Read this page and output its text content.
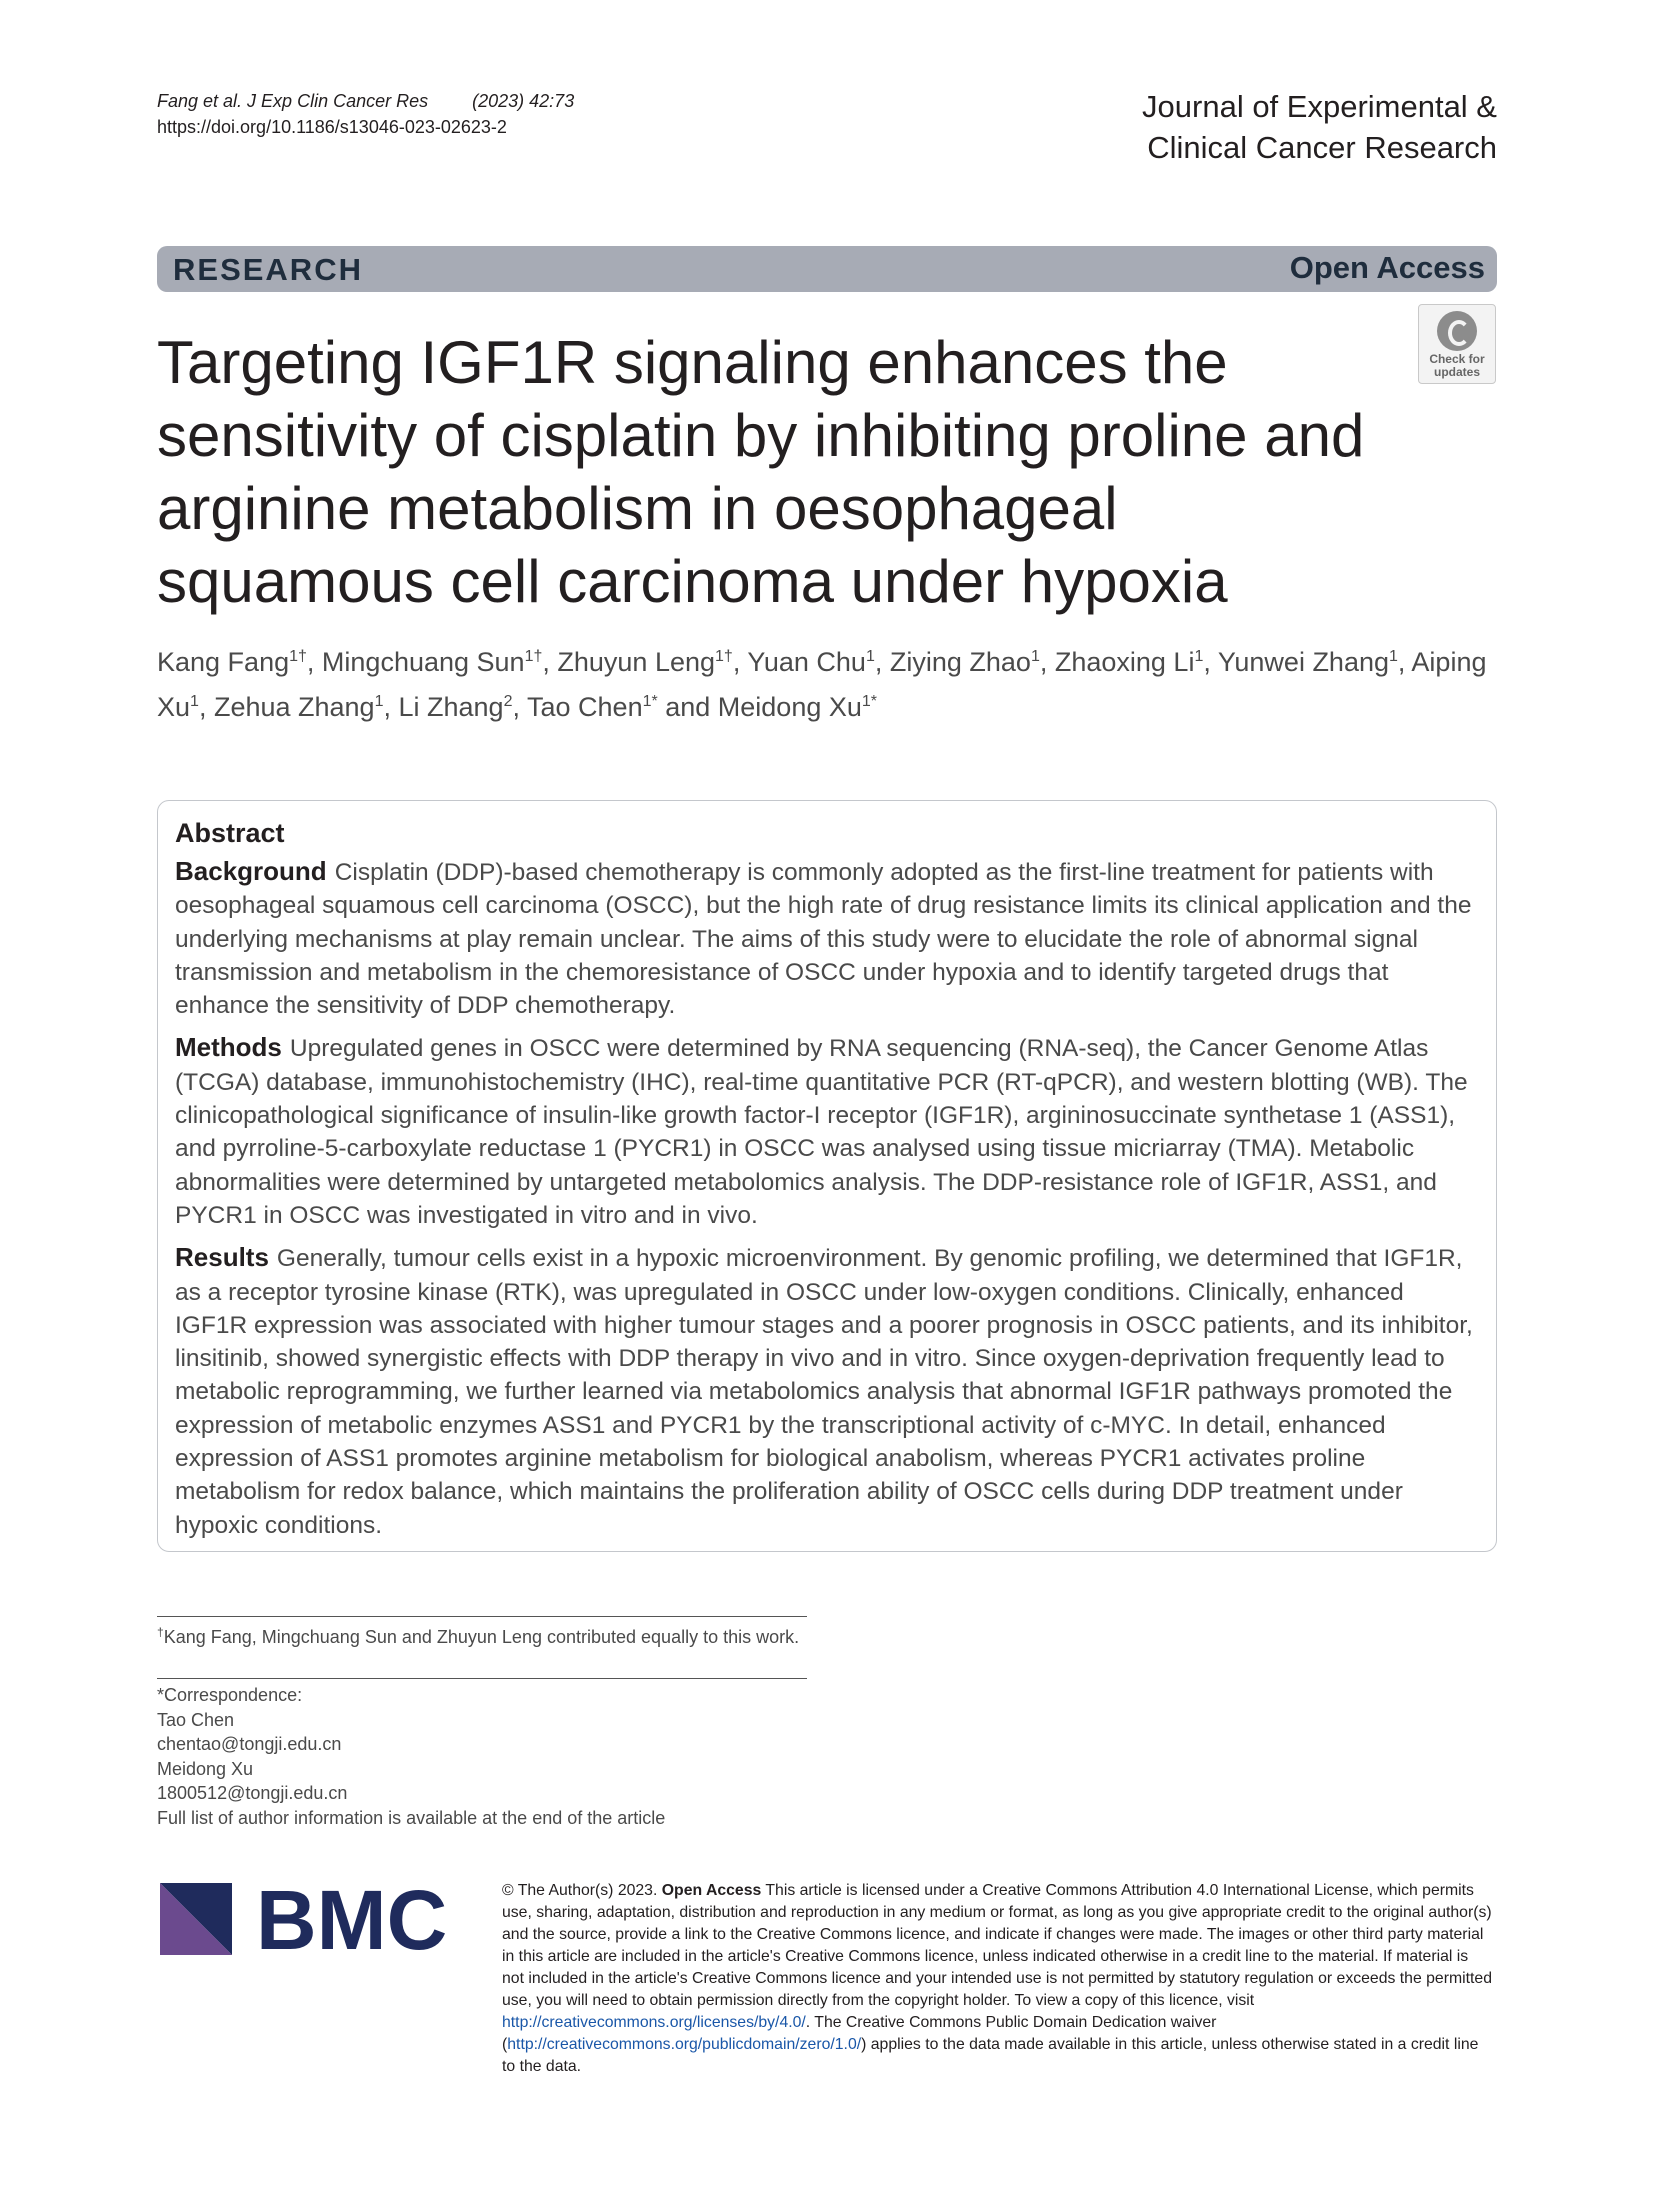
Fang et al. J Exp Clin Cancer Res (2023) 42:73
https://doi.org/10.1186/s13046-023-02623-2
Journal of Experimental &
Clinical Cancer Research
RESEARCH	Open Access
Check for
updates
Targeting IGF1R signaling enhances the sensitivity of cisplatin by inhibiting proline and arginine metabolism in oesophageal squamous cell carcinoma under hypoxia
Kang Fang$^{1\dagger}$, Mingchuang Sun$^{1\dagger}$, Zhuyun Leng$^{1\dagger}$, Yuan Chu$^1$, Ziying Zhao$^1$, Zhaoxing Li$^1$, Yunwei Zhang$^1$, Aiping Xu$^1$, Zehua Zhang$^1$, Li Zhang$^2$, Tao Chen$^{1*}$ and Meidong $Xu^{1*}$
Abstract

Background Cisplatin (DDP)-based chemotherapy is commonly adopted as the first-line treatment for patients with oesophageal squamous cell carcinoma (OSCC), but the high rate of drug resistance limits its clinical application and the underlying mechanisms at play remain unclear. The aims of this study were to elucidate the role of abnormal signal transmission and metabolism in the chemoresistance of OSCC under hypoxia and to identify targeted drugs that enhance the sensitivity of DDP chemotherapy.

Methods Upregulated genes in OSCC were determined by RNA sequencing (RNA-seq), the Cancer Genome Atlas (TCGA) database, immunohistochemistry (IHC), real-time quantitative PCR (RT-qPCR), and western blotting (WB). The clinicopathological significance of insulin-like growth factor-I receptor (IGF1R), argininosuccinate synthetase 1 (ASS1), and pyrroline-5-carboxylate reductase 1 (PYCR1) in OSCC was analysed using tissue micriarray (TMA). Metabolic abnormalities were determined by untargeted metabolomics analysis. The DDP-resistance role of IGF1R, ASS1, and PYCR1 in OSCC was investigated in vitro and in vivo.

Results Generally, tumour cells exist in a hypoxic microenvironment. By genomic profiling, we determined that IGF1R, as a receptor tyrosine kinase (RTK), was upregulated in OSCC under low-oxygen conditions. Clinically, enhanced IGF1R expression was associated with higher tumour stages and a poorer prognosis in OSCC patients, and its inhibitor, linsitinib, showed synergistic effects with DDP therapy in vivo and in vitro. Since oxygen-deprivation frequently lead to metabolic reprogramming, we further learned via metabolomics analysis that abnormal IGF1R pathways promoted the expression of metabolic enzymes ASS1 and PYCR1 by the transcriptional activity of c-MYC. In detail, enhanced expression of ASS1 promotes arginine metabolism for biological anabolism, whereas PYCR1 activates proline metabolism for redox balance, which maintains the proliferation ability of OSCC cells during DDP treatment under hypoxic conditions.

†Kang Fang, Mingchuang Sun and Zhuyun Leng contributed equally to this work.
*Correspondence:
Tao Chen
chentao@tongji.edu.cn
Meidong Xu
1800512@tongji.edu.cn
Full list of author information is available at the end of the article
BMC	© The Author(s) 2023. Open Access This article is licensed under a Creative Commons Attribution 4.0 International License, which permits use, sharing, adaptation, distribution and reproduction in any medium or format, as long as you give appropriate credit to the original author(s) and the source, provide a link to the Creative Commons licence, and indicate if changes were made. The images or other third party material in this article are included in the article's Creative Commons licence, unless indicated otherwise in a credit line to the material. If material is not included in the article's Creative Commons licence and your intended use is not permitted by statutory regulation or exceeds the permitted use, you will need to obtain permission directly from the copyright holder. To view a copy of this licence, visit http://creativecommons.org/licenses/by/4.0/. The Creative Commons Public Domain Dedication waiver (http://creativecommons.org/publicdomain/zero/1.0/) applies to the data made available in this article, unless otherwise stated in a credit line to the data.
